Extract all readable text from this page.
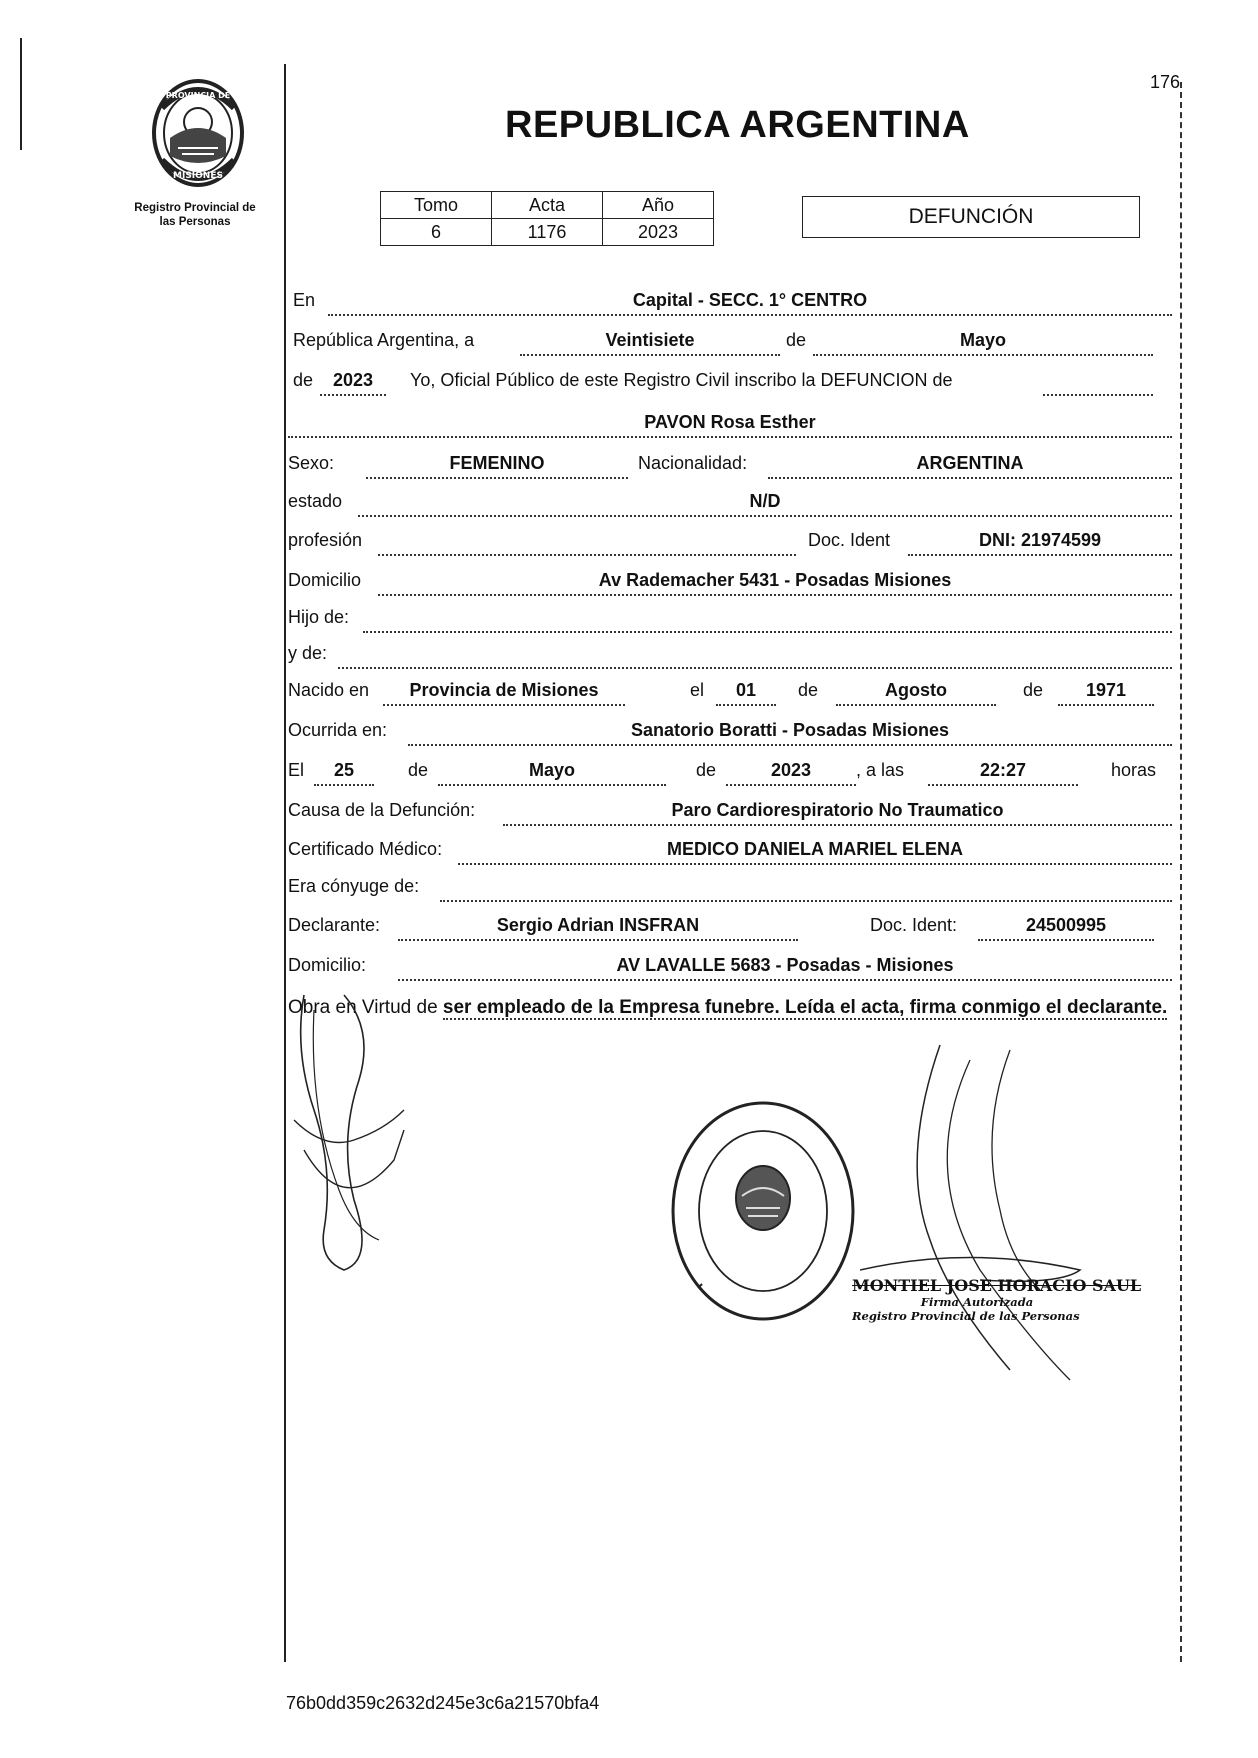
PROVINCIA DE
MISIONES
Registro Provincial de
las Personas
176
REPUBLICA ARGENTINA
Tomo	Acta	Año
6	1176	2023
DEFUNCIÓN
En	Capital - SECC. 1° CENTRO
República Argentina, a	Veintisiete	de	Mayo
de	2023	Yo, Oficial Público de este Registro Civil inscribo la DEFUNCION de
PAVON Rosa Esther
Sexo:	FEMENINO	Nacionalidad:	ARGENTINA
estado	N/D
profesión	Doc. Ident	DNI: 21974599
Domicilio	Av Rademacher 5431 - Posadas Misiones
Hijo de:
y de:
Nacido en	Provincia de Misiones	el	01	de	Agosto	de	1971
Ocurrida en:	Sanatorio Boratti - Posadas Misiones
El	25	de	Mayo	de	2023	, a las	22:27	horas
Causa de la Defunción:	Paro Cardiorespiratorio No Traumatico
Certificado Médico:	MEDICO DANIELA MARIEL ELENA
Era cónyuge de:
Declarante:	Sergio Adrian INSFRAN	Doc. Ident:	24500995
Domicilio:	AV LAVALLE 5683 - Posadas - Misiones
Obra en Virtud de ser empleado de la Empresa funebre. Leída el acta, firma conmigo el declarante.
MONTIEL JOSE HORACIO SAUL
Firma Autorizada
Registro Provincial de las Personas
76b0dd359c2632d245e3c6a21570bfa4
